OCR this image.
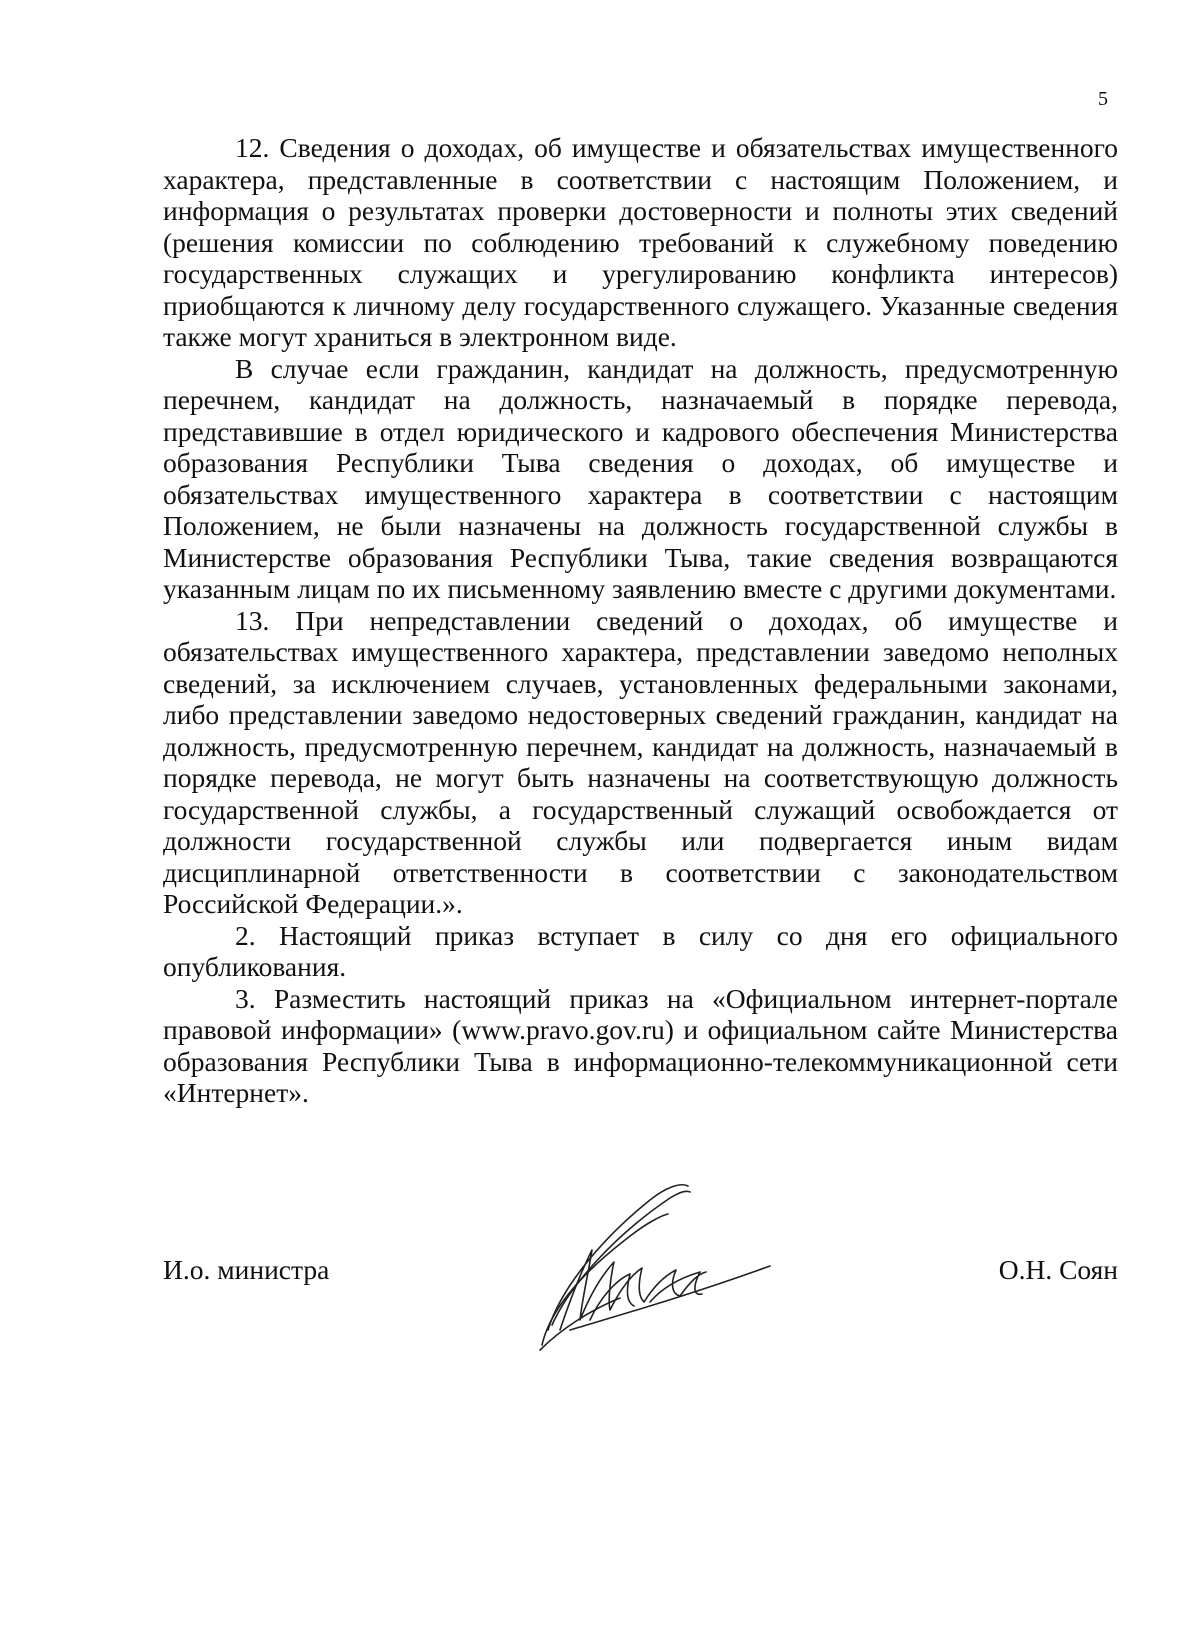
5

12. Сведения о доходах, об имуществе и обязательствах имущественного характера, представленные в соответствии с настоящим Положением, и информация о результатах проверки достоверности и полноты этих сведений (решения комиссии по соблюдению требований к служебному поведению государственных служащих и урегулированию конфликта интересов) приобщаются к личному делу государственного служащего. Указанные сведения также могут храниться в электронном виде.

В случае если гражданин, кандидат на должность, предусмотренную перечнем, кандидат на должность, назначаемый в порядке перевода, представившие в отдел юридического и кадрового обеспечения Министерства образования Республики Тыва сведения о доходах, об имуществе и обязательствах имущественного характера в соответствии с настоящим Положением, не были назначены на должность государственной службы в Министерстве образования Республики Тыва, такие сведения возвращаются указанным лицам по их письменному заявлению вместе с другими документами.

13. При непредставлении сведений о доходах, об имуществе и обязательствах имущественного характера, представлении заведомо неполных сведений, за исключением случаев, установленных федеральными законами, либо представлении заведомо недостоверных сведений гражданин, кандидат на должность, предусмотренную перечнем, кандидат на должность, назначаемый в порядке перевода, не могут быть назначены на соответствующую должность государственной службы, а государственный служащий освобождается от должности государственной службы или подвергается иным видам дисциплинарной ответственности в соответствии с законодательством Российской Федерации.».

2. Настоящий приказ вступает в силу со дня его официального опубликования.

3. Разместить настоящий приказ на «Официальном интернет-портале правовой информации» (www.pravo.gov.ru) и официальном сайте Министерства образования Республики Тыва в информационно-телекоммуникационной сети «Интернет».

И.о. министра	О.Н. Соян
